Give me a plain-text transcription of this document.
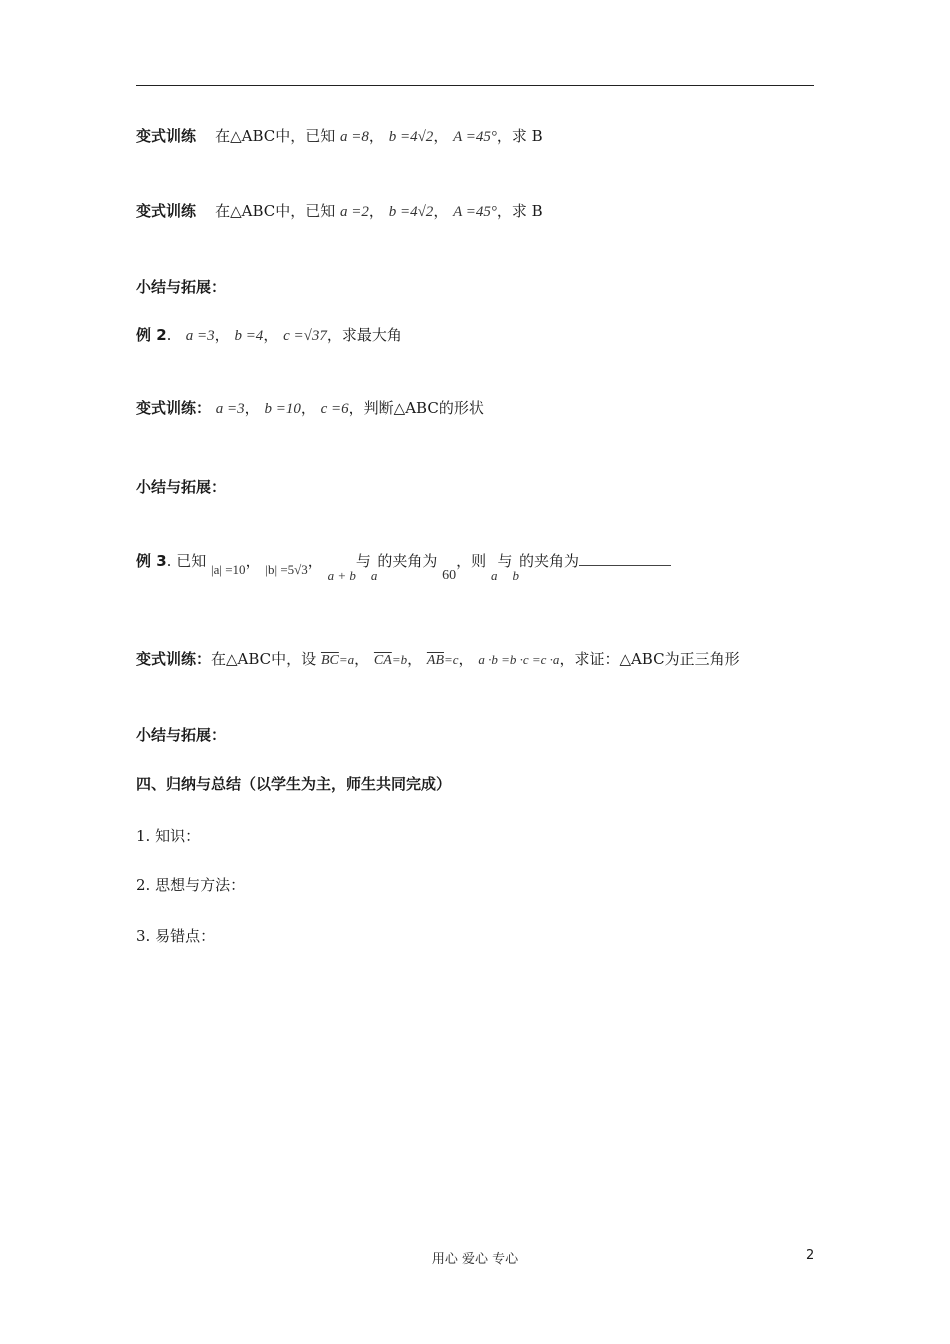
变式训练 在△ABC中，已知 a =8， b =4√2， A =45°，求 B
变式训练 在△ABC中，已知 a =2， b =4√2， A =45°，求 B
小结与拓展：
例 2. a =3， b =4， c =√37，求最大角
变式训练： a =3， b =10， c =6，判断△ABC的形状
小结与拓展：
例 3. 已知 |a| =10， |b| =5√3， a + b与a的夹角为 60，则 a与b的夹角为
变式训练：在△ABC中，设 $\overline{BC}=a$， $\overline{CA}=b$， $\overline{AB}=c$， a ·b =b ·c =c ·a，求证：△ABC为正三角形
小结与拓展：
四、归纳与总结（以学生为主，师生共同完成）
1. 知识：
2. 思想与方法：
3. 易错点：
用心 爱心 专心	2
